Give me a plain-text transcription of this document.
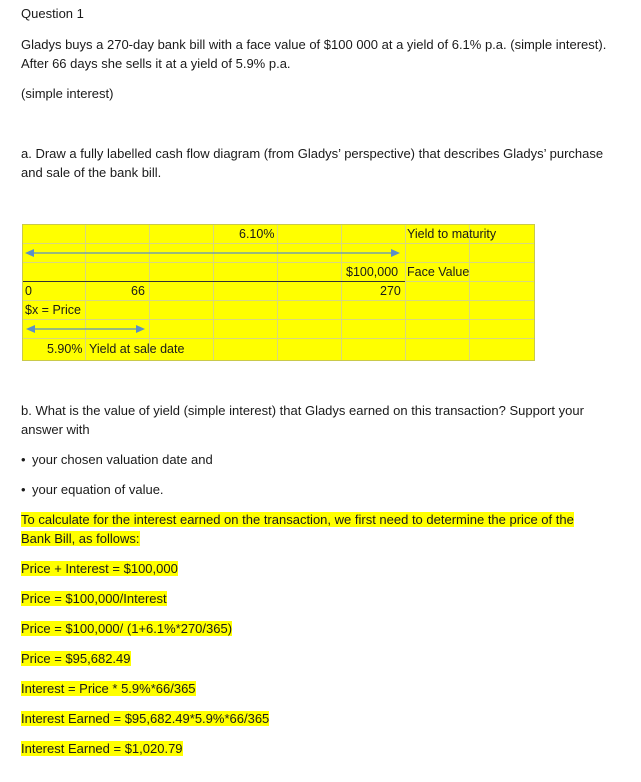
Question 1
Gladys buys a 270-day bank bill with a face value of $100 000 at a yield of 6.1% p.a. (simple interest).
After 66 days she sells it at a yield of 5.9% p.a.
(simple interest)
a. Draw a fully labelled cash flow diagram (from Gladys’ perspective) that describes Gladys’ purchase
and sale of the bank bill.
6.10%	Yield to maturity
$100,000 Face Value
0	66	270
$x = Price
5.90% Yield at sale date
b. What is the value of yield (simple interest) that Gladys earned on this transaction? Support your
answer with
• your chosen valuation date and
• your equation of value.
To calculate for the interest earned on the transaction, we first need to determine the price of the
Bank Bill, as follows:
Price + Interest = $100,000
Price = $100,000/Interest
Price = $100,000/ (1+6.1%*270/365)
Price = $95,682.49
Interest = Price * 5.9%*66/365
Interest Earned = $95,682.49*5.9%*66/365
Interest Earned = $1,020.79
